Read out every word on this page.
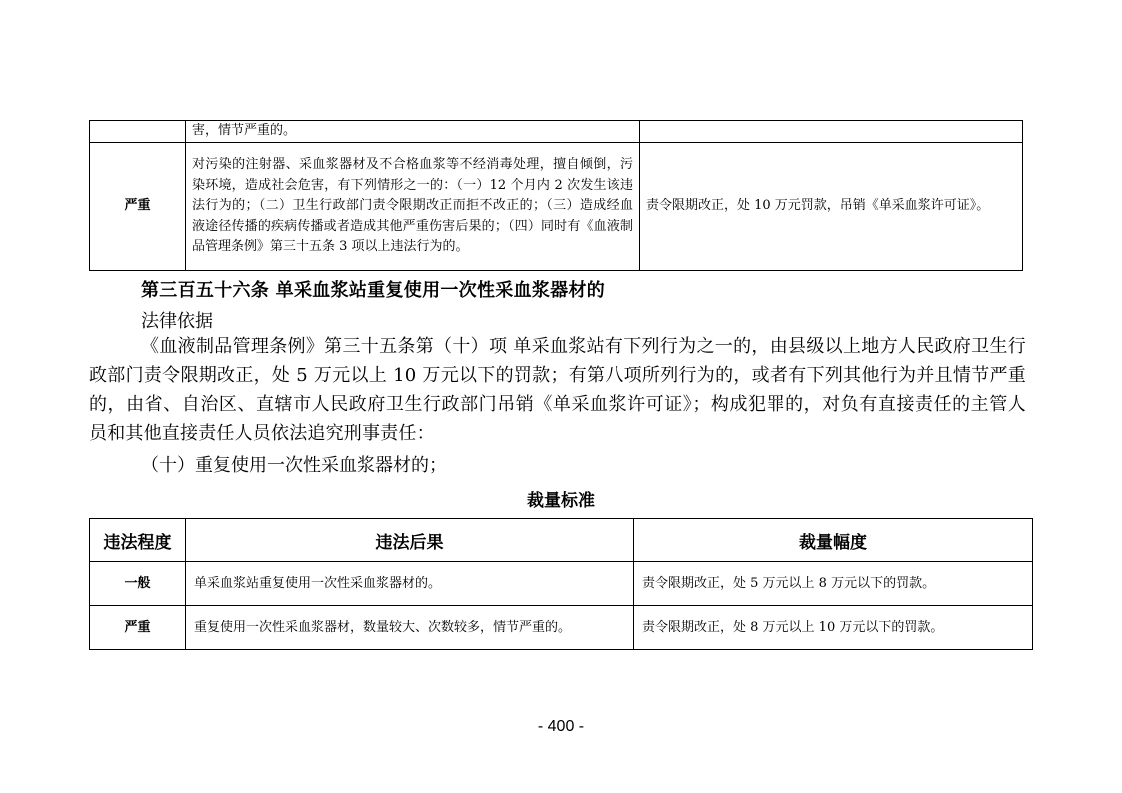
	害，情节严重的。	
严重	对污染的注射器、采血浆器材及不合格血浆等不经消毒处理，擅自倾倒，污染环境，造成社会危害，有下列情形之一的：（一）12 个月内 2 次发生该违法行为的；（二）卫生行政部门责令限期改正而拒不改正的；（三）造成经血液途径传播的疾病传播或者造成其他严重伤害后果的；（四）同时有《血液制品管理条例》第三十五条 3 项以上违法行为的。	责令限期改正，处 10 万元罚款，吊销《单采血浆许可证》。
第三百五十六条 单采血浆站重复使用一次性采血浆器材的
法律依据
《血液制品管理条例》第三十五条第（十）项 单采血浆站有下列行为之一的，由县级以上地方人民政府卫生行政部门责令限期改正，处 5 万元以上 10 万元以下的罚款；有第八项所列行为的，或者有下列其他行为并且情节严重的，由省、自治区、直辖市人民政府卫生行政部门吊销《单采血浆许可证》；构成犯罪的，对负有直接责任的主管人员和其他直接责任人员依法追究刑事责任：
（十）重复使用一次性采血浆器材的；
裁量标准
违法程度	违法后果	裁量幅度
一般	单采血浆站重复使用一次性采血浆器材的。	责令限期改正，处 5 万元以上 8 万元以下的罚款。
严重	重复使用一次性采血浆器材，数量较大、次数较多，情节严重的。	责令限期改正，处 8 万元以上 10 万元以下的罚款。
- 400 -
